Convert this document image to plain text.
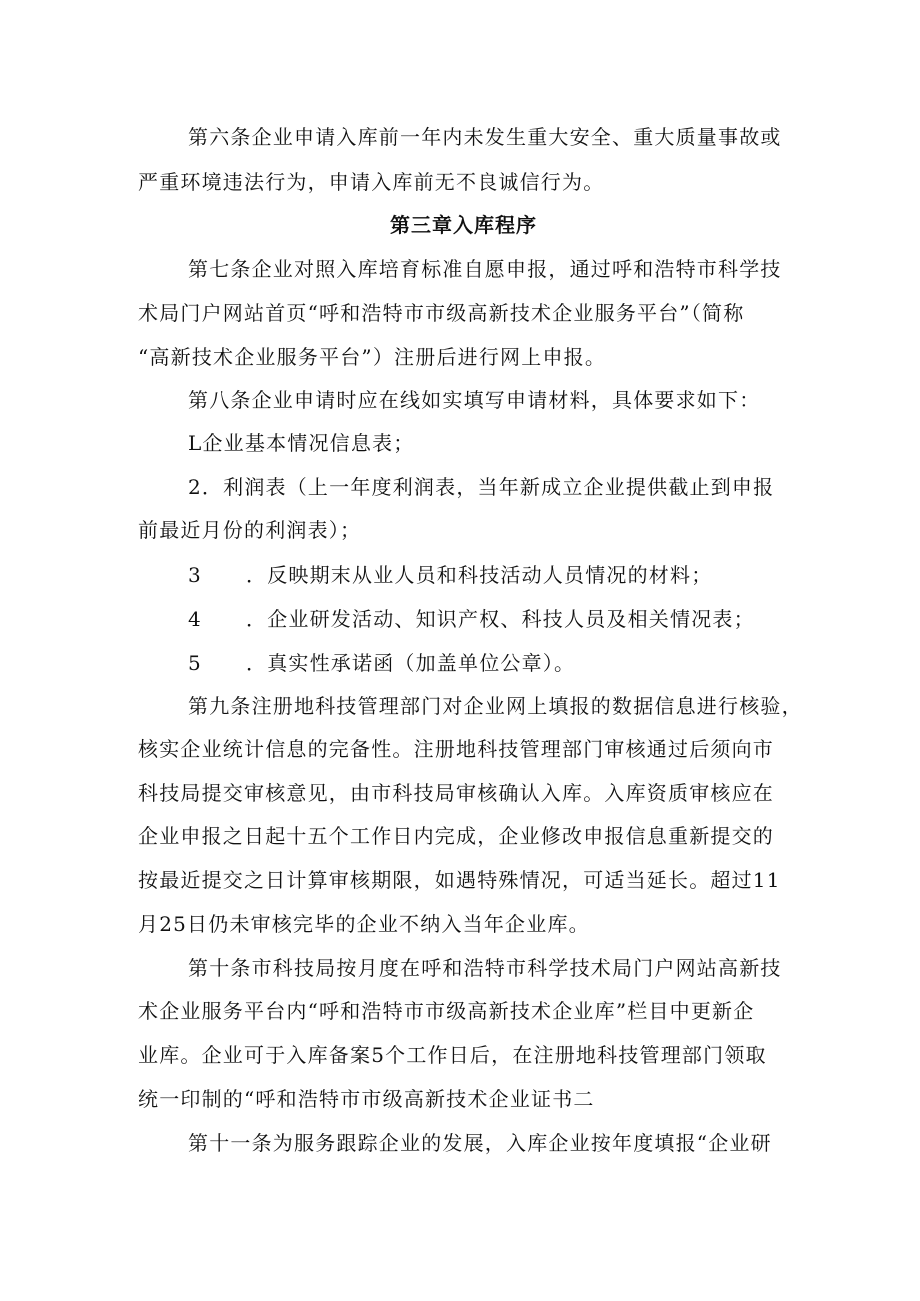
第六条企业申请入库前一年内未发生重大安全、重大质量事故或
严重环境违法行为，申请入库前无不良诚信行为。
第三章入库程序
第七条企业对照入库培育标准自愿申报，通过呼和浩特市科学技
术局门户网站首页“呼和浩特市市级高新技术企业服务平台”（简称
“高新技术企业服务平台”）注册后进行网上申报。
第八条企业申请时应在线如实填写申请材料，具体要求如下：
L企业基本情况信息表；
2．利润表（上一年度利润表，当年新成立企业提供截止到申报
前最近月份的利润表）；
3 ．反映期末从业人员和科技活动人员情况的材料；
4 ．企业研发活动、知识产权、科技人员及相关情况表；
5 ．真实性承诺函（加盖单位公章）。
第九条注册地科技管理部门对企业网上填报的数据信息进行核验，
核实企业统计信息的完备性。注册地科技管理部门审核通过后须向市
科技局提交审核意见，由市科技局审核确认入库。入库资质审核应在
企业申报之日起十五个工作日内完成，企业修改申报信息重新提交的
按最近提交之日计算审核期限，如遇特殊情况，可适当延长。超过11
月25日仍未审核完毕的企业不纳入当年企业库。
第十条市科技局按月度在呼和浩特市科学技术局门户网站高新技
术企业服务平台内“呼和浩特市市级高新技术企业库”栏目中更新企
业库。企业可于入库备案5个工作日后，在注册地科技管理部门领取
统一印制的“呼和浩特市市级高新技术企业证书二
第十一条为服务跟踪企业的发展，入库企业按年度填报“企业研
